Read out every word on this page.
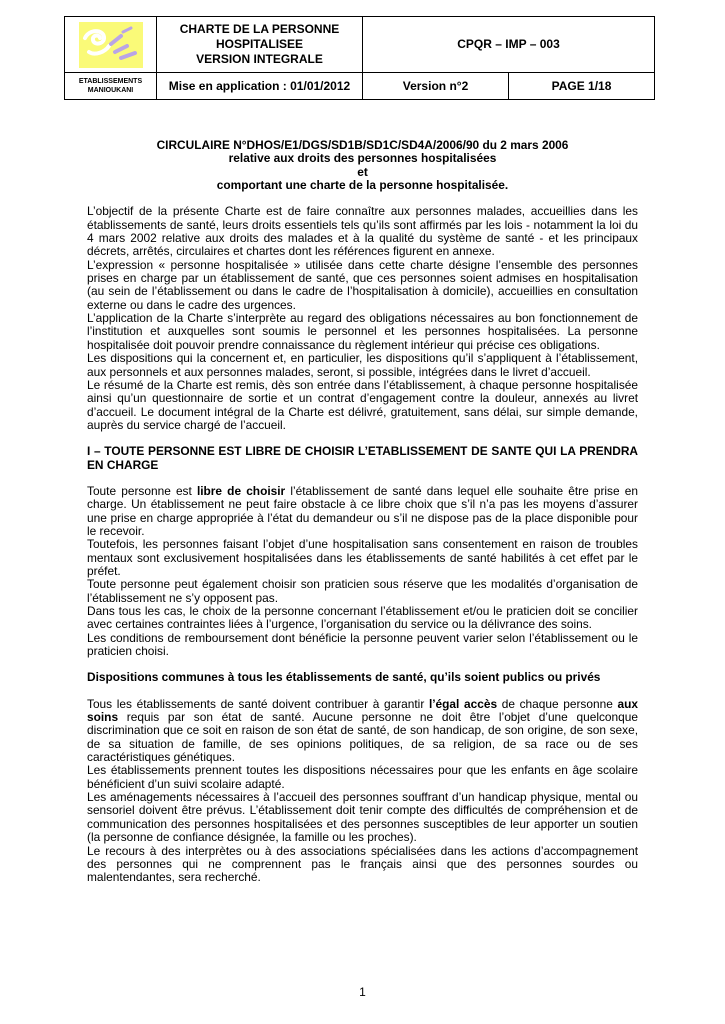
CHARTE DE LA PERSONNE HOSPITALISEE
VERSION INTEGRALE	CPQR – IMP – 003	

ETABLISSEMENTS
MANIOUKANI	Mise en application : 01/01/2012	Version n°2	PAGE 1/18

CIRCULAIRE N°DHOS/E1/DGS/SD1B/SD1C/SD4A/2006/90 du 2 mars 2006

relative aux droits des personnes hospitalisées

et

comportant une charte de la personne hospitalisée.

L’objectif de la présente Charte est de faire connaître aux personnes malades, accueillies dans les établissements de santé, leurs droits essentiels tels qu’ils sont affirmés par les lois - notamment la loi du 4 mars 2002 relative aux droits des malades et à la qualité du système de santé - et les principaux décrets, arrêtés, circulaires et chartes dont les références figurent en annexe.

L’expression « personne hospitalisée » utilisée dans cette charte désigne l’ensemble des personnes prises en charge par un établissement de santé, que ces personnes soient admises en hospitalisation (au sein de l’établissement ou dans le cadre de l’hospitalisation à domicile), accueillies en consultation externe ou dans le cadre des urgences.

L’application de la Charte s’interprète au regard des obligations nécessaires au bon fonctionnement de l’institution et auxquelles sont soumis le personnel et les personnes hospitalisées. La personne hospitalisée doit pouvoir prendre connaissance du règlement intérieur qui précise ces obligations.

Les dispositions qui la concernent et, en particulier, les dispositions qu’il s’appliquent à l’établissement, aux personnels et aux personnes malades, seront, si possible, intégrées dans le livret d’accueil.

Le résumé de la Charte est remis, dès son entrée dans l’établissement, à chaque personne hospitalisée ainsi qu’un questionnaire de sortie et un contrat d’engagement contre la douleur, annexés au livret d’accueil. Le document intégral de la Charte est délivré, gratuitement, sans délai, sur simple demande, auprès du service chargé de l’accueil.

I – TOUTE PERSONNE EST LIBRE DE CHOISIR L’ETABLISSEMENT DE SANTE QUI LA PRENDRA EN CHARGE

Toute personne est libre de choisir l’établissement de santé dans lequel elle souhaite être prise en charge. Un établissement ne peut faire obstacle à ce libre choix que s’il n’a pas les moyens d’assurer une prise en charge appropriée à l’état du demandeur ou s’il ne dispose pas de la place disponible pour le recevoir.

Toutefois, les personnes faisant l’objet d’une hospitalisation sans consentement en raison de troubles mentaux sont exclusivement hospitalisées dans les établissements de santé habilités à cet effet par le préfet.

Toute personne peut également choisir son praticien sous réserve que les modalités d’organisation de l’établissement ne s’y opposent pas.

Dans tous les cas, le choix de la personne concernant l’établissement et/ou le praticien doit se concilier avec certaines contraintes liées à l’urgence, l’organisation du service ou la délivrance des soins.

Les conditions de remboursement dont bénéficie la personne peuvent varier selon l’établissement ou le praticien choisi.

Dispositions communes à tous les établissements de santé, qu’ils soient publics ou privés

Tous les établissements de santé doivent contribuer à garantir l’égal accès de chaque personne aux soins requis par son état de santé. Aucune personne ne doit être l’objet d’une quelconque discrimination que ce soit en raison de son état de santé, de son handicap, de son origine, de son sexe, de sa situation de famille, de ses opinions politiques, de sa religion, de sa race ou de ses caractéristiques génétiques.

Les établissements prennent toutes les dispositions nécessaires pour que les enfants en âge scolaire bénéficient d’un suivi scolaire adapté.

Les aménagements nécessaires à l’accueil des personnes souffrant d’un handicap physique, mental ou sensoriel doivent être prévus. L’établissement doit tenir compte des difficultés de compréhension et de communication des personnes hospitalisées et des personnes susceptibles de leur apporter un soutien (la personne de confiance désignée, la famille ou les proches).

Le recours à des interprètes ou à des associations spécialisées dans les actions d’accompagnement des personnes qui ne comprennent pas le français ainsi que des personnes sourdes ou malentendantes, sera recherché.

1
